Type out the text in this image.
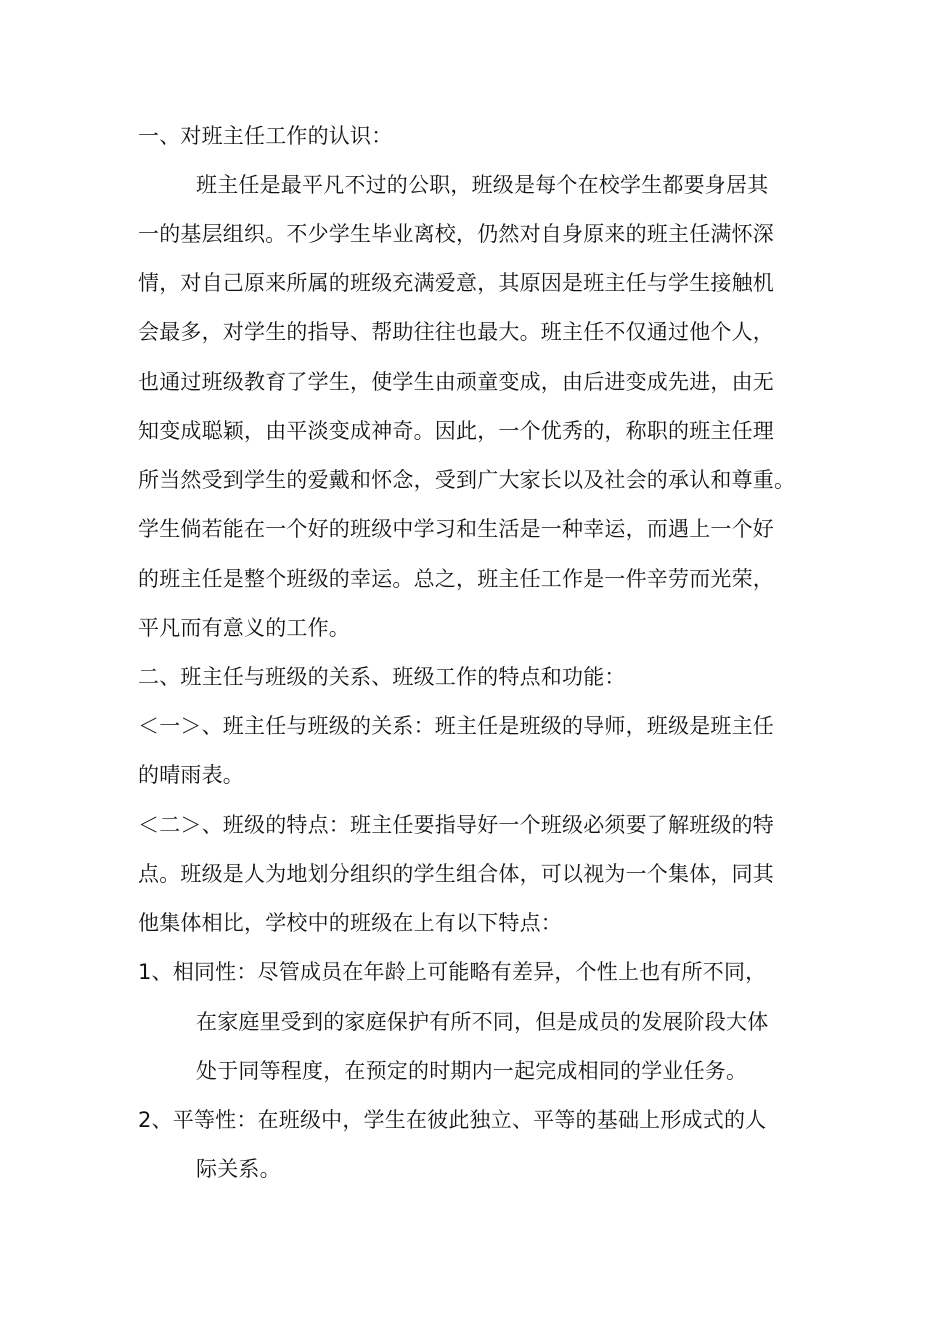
一、对班主任工作的认识：
班主任是最平凡不过的公职，班级是每个在校学生都要身居其
一的基层组织。不少学生毕业离校，仍然对自身原来的班主任满怀深
情，对自己原来所属的班级充满爱意，其原因是班主任与学生接触机
会最多，对学生的指导、帮助往往也最大。班主任不仅通过他个人，
也通过班级教育了学生，使学生由顽童变成，由后进变成先进，由无
知变成聪颖，由平淡变成神奇。因此，一个优秀的，称职的班主任理
所当然受到学生的爱戴和怀念，受到广大家长以及社会的承认和尊重。
学生倘若能在一个好的班级中学习和生活是一种幸运，而遇上一个好
的班主任是整个班级的幸运。总之，班主任工作是一件辛劳而光荣，
平凡而有意义的工作。
二、班主任与班级的关系、班级工作的特点和功能：
＜一＞、班主任与班级的关系：班主任是班级的导师，班级是班主任
的晴雨表。
＜二＞、班级的特点：班主任要指导好一个班级必须要了解班级的特
点。班级是人为地划分组织的学生组合体，可以视为一个集体，同其
他集体相比，学校中的班级在上有以下特点：
1、相同性：尽管成员在年龄上可能略有差异，个性上也有所不同，
在家庭里受到的家庭保护有所不同，但是成员的发展阶段大体
处于同等程度，在预定的时期内一起完成相同的学业任务。
2、平等性：在班级中，学生在彼此独立、平等的基础上形成式的人
际关系。
